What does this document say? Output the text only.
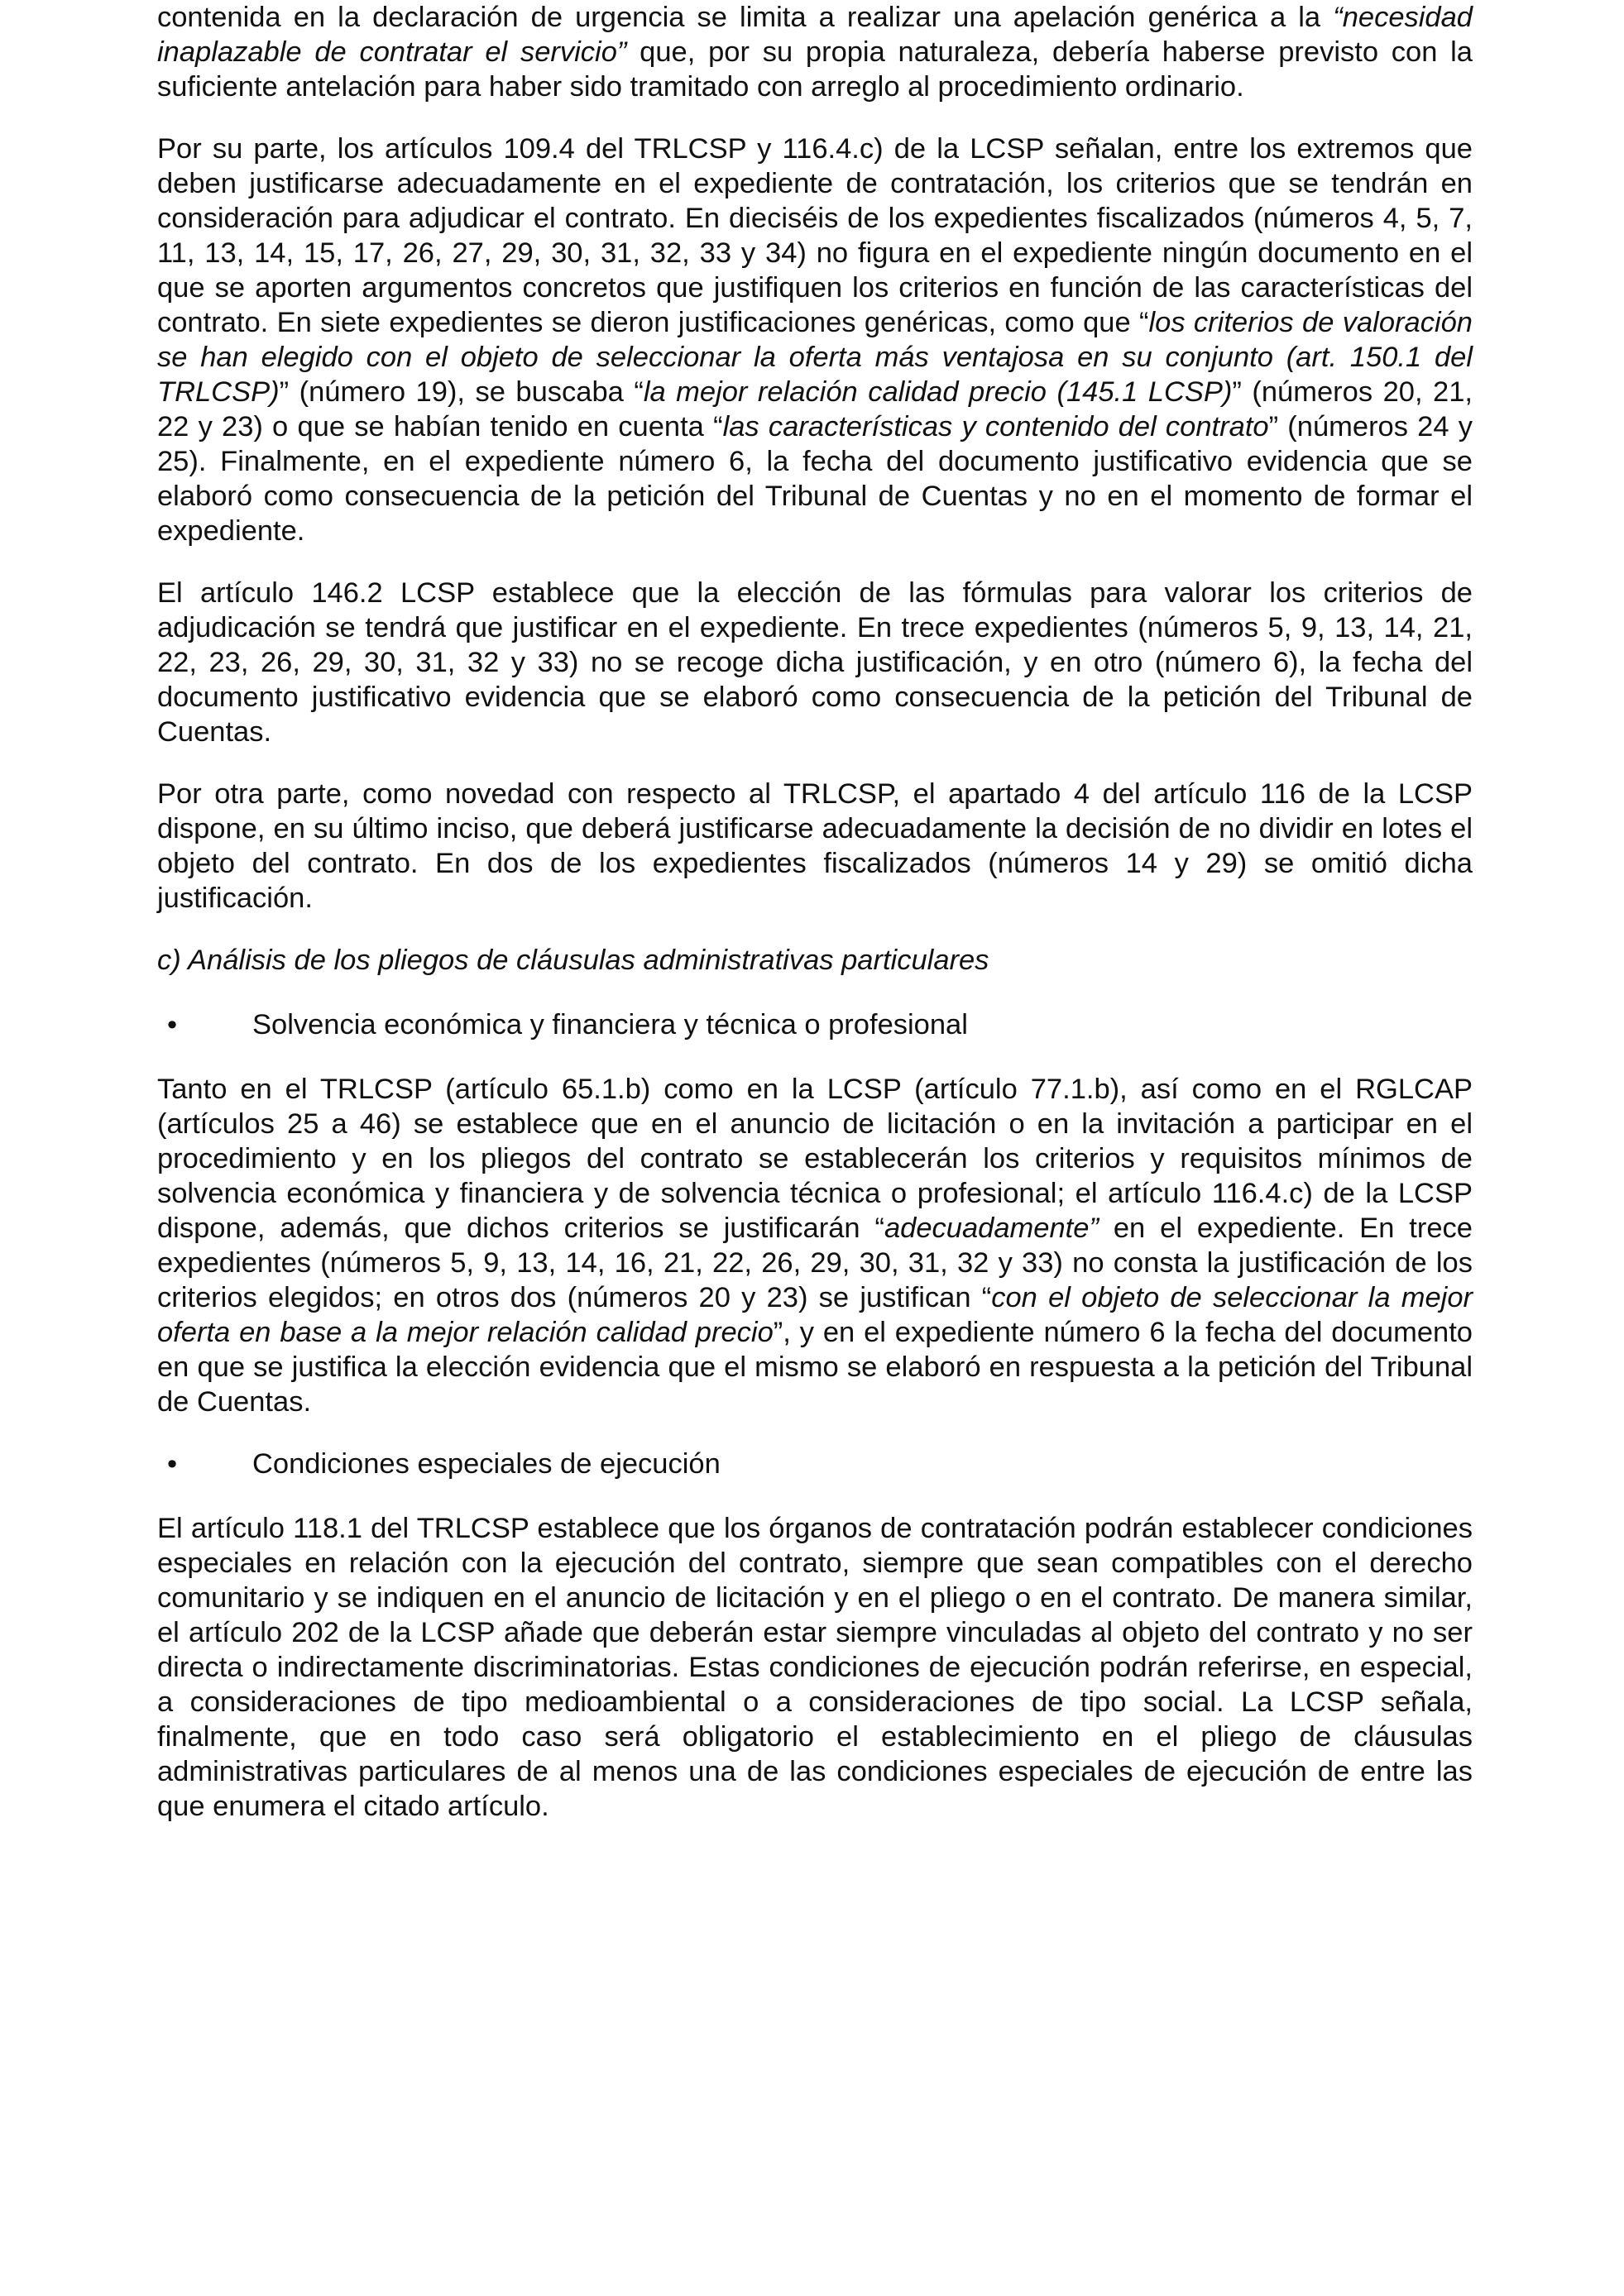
contenida en la declaración de urgencia se limita a realizar una apelación genérica a la “necesidad inaplazable de contratar el servicio” que, por su propia naturaleza, debería haberse previsto con la suficiente antelación para haber sido tramitado con arreglo al procedimiento ordinario.

Por su parte, los artículos 109.4 del TRLCSP y 116.4.c) de la LCSP señalan, entre los extremos que deben justificarse adecuadamente en el expediente de contratación, los criterios que se tendrán en consideración para adjudicar el contrato. En dieciséis de los expedientes fiscalizados (números 4, 5, 7, 11, 13, 14, 15, 17, 26, 27, 29, 30, 31, 32, 33 y 34) no figura en el expediente ningún documento en el que se aporten argumentos concretos que justifiquen los criterios en función de las características del contrato. En siete expedientes se dieron justificaciones genéricas, como que “los criterios de valoración se han elegido con el objeto de seleccionar la oferta más ventajosa en su conjunto (art. 150.1 del TRLCSP)” (número 19), se buscaba “la mejor relación calidad precio (145.1 LCSP)” (números 20, 21, 22 y 23) o que se habían tenido en cuenta “las características y contenido del contrato” (números 24 y 25). Finalmente, en el expediente número 6, la fecha del documento justificativo evidencia que se elaboró como consecuencia de la petición del Tribunal de Cuentas y no en el momento de formar el expediente.

El artículo 146.2 LCSP establece que la elección de las fórmulas para valorar los criterios de adjudicación se tendrá que justificar en el expediente. En trece expedientes (números 5, 9, 13, 14, 21, 22, 23, 26, 29, 30, 31, 32 y 33) no se recoge dicha justificación, y en otro (número 6), la fecha del documento justificativo evidencia que se elaboró como consecuencia de la petición del Tribunal de Cuentas.

Por otra parte, como novedad con respecto al TRLCSP, el apartado 4 del artículo 116 de la LCSP dispone, en su último inciso, que deberá justificarse adecuadamente la decisión de no dividir en lotes el objeto del contrato. En dos de los expedientes fiscalizados (números 14 y 29) se omitió dicha justificación.

c) Análisis de los pliegos de cláusulas administrativas particulares

•	Solvencia económica y financiera y técnica o profesional

Tanto en el TRLCSP (artículo 65.1.b) como en la LCSP (artículo 77.1.b), así como en el RGLCAP (artículos 25 a 46) se establece que en el anuncio de licitación o en la invitación a participar en el procedimiento y en los pliegos del contrato se establecerán los criterios y requisitos mínimos de solvencia económica y financiera y de solvencia técnica o profesional; el artículo 116.4.c) de la LCSP dispone, además, que dichos criterios se justificarán “adecuadamente” en el expediente. En trece expedientes (números 5, 9, 13, 14, 16, 21, 22, 26, 29, 30, 31, 32 y 33) no consta la justificación de los criterios elegidos; en otros dos (números 20 y 23) se justifican “con el objeto de seleccionar la mejor oferta en base a la mejor relación calidad precio”, y en el expediente número 6 la fecha del documento en que se justifica la elección evidencia que el mismo se elaboró en respuesta a la petición del Tribunal de Cuentas.

•	Condiciones especiales de ejecución

El artículo 118.1 del TRLCSP establece que los órganos de contratación podrán establecer condiciones especiales en relación con la ejecución del contrato, siempre que sean compatibles con el derecho comunitario y se indiquen en el anuncio de licitación y en el pliego o en el contrato. De manera similar, el artículo 202 de la LCSP añade que deberán estar siempre vinculadas al objeto del contrato y no ser directa o indirectamente discriminatorias. Estas condiciones de ejecución podrán referirse, en especial, a consideraciones de tipo medioambiental o a consideraciones de tipo social. La LCSP señala, finalmente, que en todo caso será obligatorio el establecimiento en el pliego de cláusulas administrativas particulares de al menos una de las condiciones especiales de ejecución de entre las que enumera el citado artículo.
